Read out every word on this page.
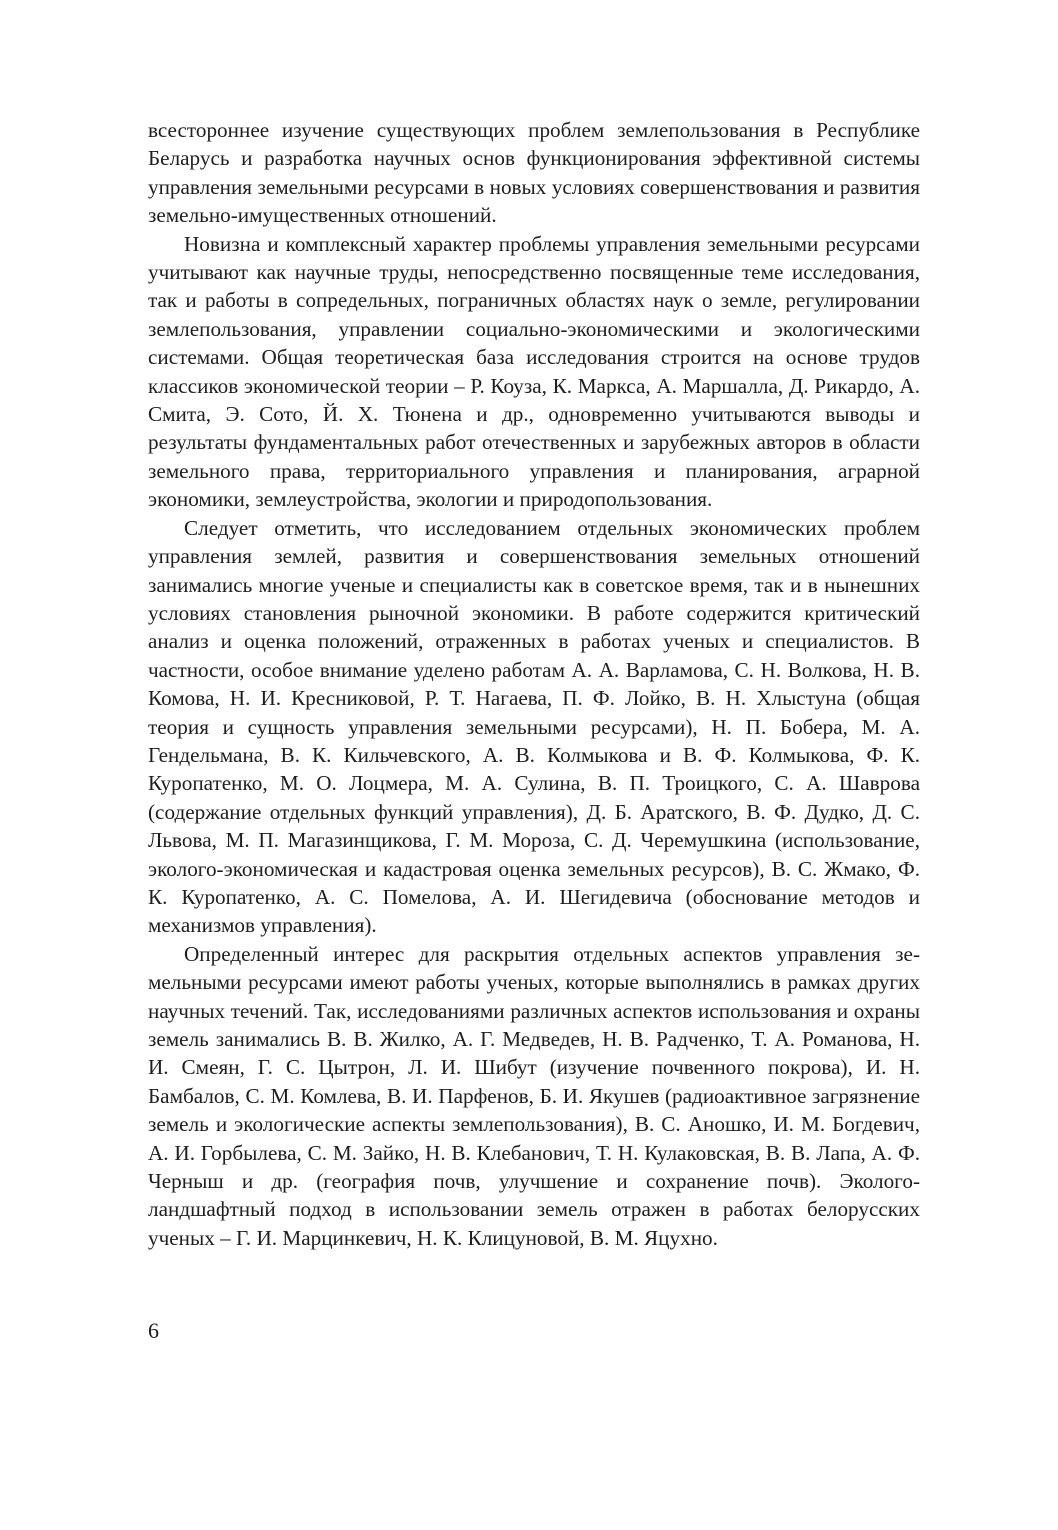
всестороннее изучение существующих проблем землепользования в Республике Беларусь и разработка научных основ функционирования эффективной системы управления земельными ресурсами в новых условиях совершенствования и развития земельно-имущественных отношений.

Новизна и комплексный характер проблемы управления земельными ресурсами учитывают как научные труды, непосредственно посвященные теме исследования, так и работы в сопредельных, пограничных областях наук о земле, регулировании землепользования, управлении социально-экономическими и экологическими системами. Общая теоретическая база исследования строится на основе трудов классиков экономической теории – Р. Коуза, К. Маркса, А. Маршалла, Д. Рикардо, А. Смита, Э. Сото, Й. Х. Тюнена и др., одновременно учитываются выводы и результаты фундаментальных работ отечественных и зарубежных авторов в области земельного права, территориального управления и планирования, аграрной экономики, землеустройства, экологии и природопользования.

Следует отметить, что исследованием отдельных экономических проблем управления землей, развития и совершенствования земельных отношений занимались многие ученые и специалисты как в советское время, так и в нынешних условиях становления рыночной экономики. В работе содержится критический анализ и оценка положений, отраженных в работах ученых и специалистов. В частности, особое внимание уделено работам А. А. Варламова, С. Н. Волкова, Н. В. Комова, Н. И. Кресниковой, Р. Т. Нагаева, П. Ф. Лойко, В. Н. Хлыстуна (общая теория и сущность управления земельными ресурсами), Н. П. Бобера, М. А. Гендельмана, В. К. Кильчевского, А. В. Колмыкова и В. Ф. Колмыкова, Ф. К. Куропатенко, М. О. Лоцмера, М. А. Сулина, В. П. Троицкого, С. А. Шаврова (содержание отдельных функций управления), Д. Б. Аратского, В. Ф. Дудко, Д. С. Львова, М. П. Магазинщикова, Г. М. Мороза, С. Д. Черемушкина (использование, эколого-экономическая и кадастровая оценка земельных ресурсов), В. С. Жмако, Ф. К. Куропатенко, А. С. Помелова, А. И. Шегидевича (обоснование методов и механизмов управления).

Определенный интерес для раскрытия отдельных аспектов управления земельными ресурсами имеют работы ученых, которые выполнялись в рамках других научных течений. Так, исследованиями различных аспектов использования и охраны земель занимались В. В. Жилко, А. Г. Медведев, Н. В. Радченко, Т. А. Романова, Н. И. Смеян, Г. С. Цытрон, Л. И. Шибут (изучение почвенного покрова), И. Н. Бамбалов, С. М. Комлева, В. И. Парфенов, Б. И. Якушев (радиоактивное загрязнение земель и экологические аспекты землепользования), В. С. Аношко, И. М. Богдевич, А. И. Горбылева, С. М. Зайко, Н. В. Клебанович, Т. Н. Кулаковская, В. В. Лапа, А. Ф. Черныш и др. (география почв, улучшение и сохранение почв). Эколого-ландшафтный подход в использовании земель отражен в работах белорусских ученых – Г. И. Марцинкевич, Н. К. Клицуновой, В. М. Яцухно.

6
